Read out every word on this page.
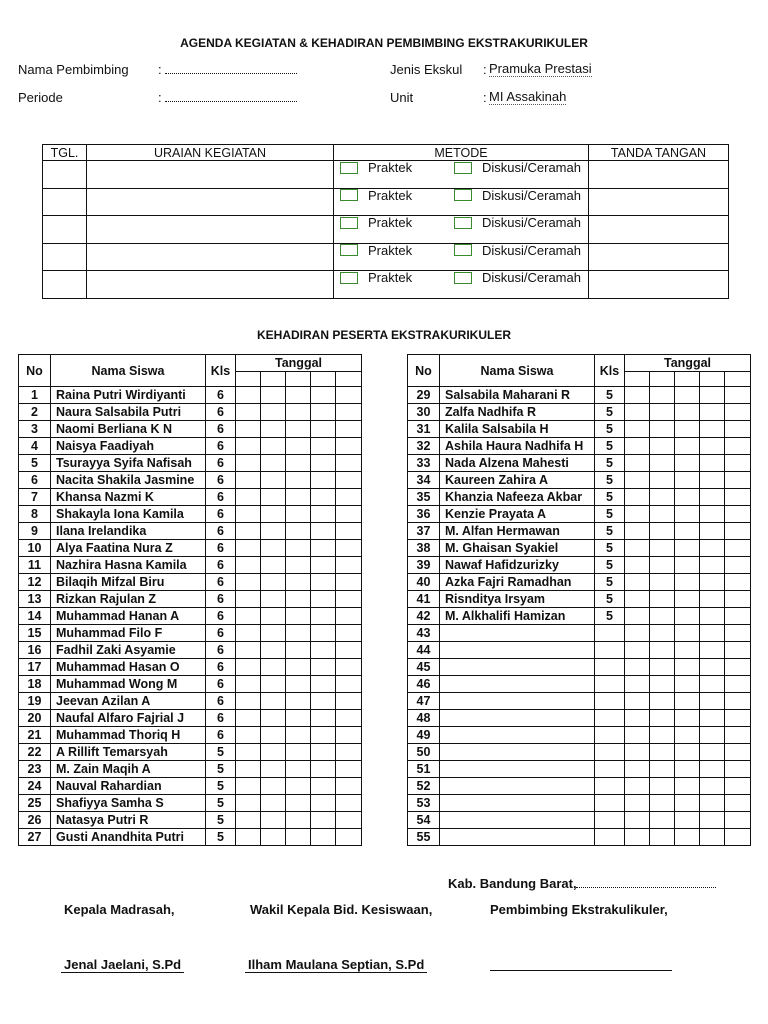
AGENDA KEGIATAN & KEHADIRAN PEMBIMBING EKSTRAKURIKULER
Nama Pembimbing :
Periode	:
Jenis Ekskul : Pramuka Prestasi
Unit	: MI Assakinah
TGL.	URAIAN KEGIATAN	METODE	TANDA TANGAN

		Praktek Diskusi/Ceramah	

		Praktek Diskusi/Ceramah	

		Praktek Diskusi/Ceramah	

		Praktek Diskusi/Ceramah	

		Praktek Diskusi/Ceramah	

KEHADIRAN PESERTA EKSTRAKURIKULER
No	Nama Siswa	Kls	Tanggal				

1	Raina Putri Wirdiyanti	6					
2	Naura Salsabila Putri	6					
3	Naomi Berliana K N	6					
4	Naisya Faadiyah	6					
5	Tsurayya Syifa Nafisah	6					
6	Nacita Shakila Jasmine	6					
7	Khansa Nazmi K	6					
8	Shakayla Iona Kamila	6					
9	Ilana Irelandika	6					
10	Alya Faatina Nura Z	6					
11	Nazhira Hasna Kamila	6					
12	Bilaqih Mifzal Biru	6					
13	Rizkan Rajulan Z	6					
14	Muhammad Hanan A	6					
15	Muhammad Filo F	6					
16	Fadhil Zaki Asyamie	6					
17	Muhammad Hasan O	6					
18	Muhammad Wong M	6					
19	Jeevan Azilan A	6					
20	Naufal Alfaro Fajrial J	6					
21	Muhammad Thoriq H	6					
22	A Rillift Temarsyah	5					
23	M. Zain Maqih A	5					
24	Nauval Rahardian	5					
25	Shafiyya Samha S	5					
26	Natasya Putri R	5					
27	Gusti Anandhita Putri	5					
No	Nama Siswa	Kls	Tanggal				

29	Salsabila Maharani R	5					
30	Zalfa Nadhifa R	5					
31	Kalila Salsabila H	5					
32	Ashila Haura Nadhifa H	5					
33	Nada Alzena Mahesti	5					
34	Kaureen Zahira A	5					
35	Khanzia Nafeeza Akbar	5					
36	Kenzie Prayata A	5					
37	M. Alfan Hermawan	5					
38	M. Ghaisan Syakiel	5					
39	Nawaf Hafidzurizky	5					
40	Azka Fajri Ramadhan	5					
41	Risnditya Irsyam	5					
42	M. Alkhalifi Hamizan	5					
43							
44							
45							
46							
47							
48							
49							
50							
51							
52							
53							
54							
55							
Kab. Bandung Barat,
Kepala Madrasah,	Wakil Kepala Bid. Kesiswaan,	Pembimbing Ekstrakulikuler,
Jenal Jaelani, S.Pd	Ilham Maulana Septian, S.Pd
